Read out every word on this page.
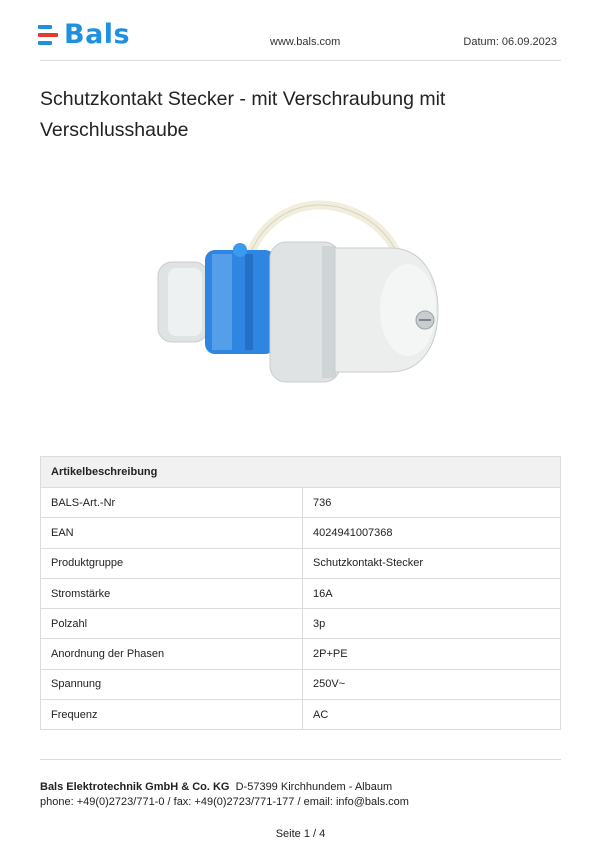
Bals	www.bals.com	Datum: 06.09.2023
Schutzkontakt Stecker - mit Verschraubung mit Verschlusshaube
Artikelbeschreibung	
BALS-Art.-Nr	736
EAN	4024941007368
Produktgruppe	Schutzkontakt-Stecker
Stromstärke	16A
Polzahl	3p
Anordnung der Phasen	2P+PE
Spannung	250V~
Frequenz	AC
Bals Elektrotechnik GmbH & Co. KG D-57399 Kirchhundem - Albaum
phone: +49(0)2723/771-0 / fax: +49(0)2723/771-177 / email: info@bals.com
Seite 1 / 4
